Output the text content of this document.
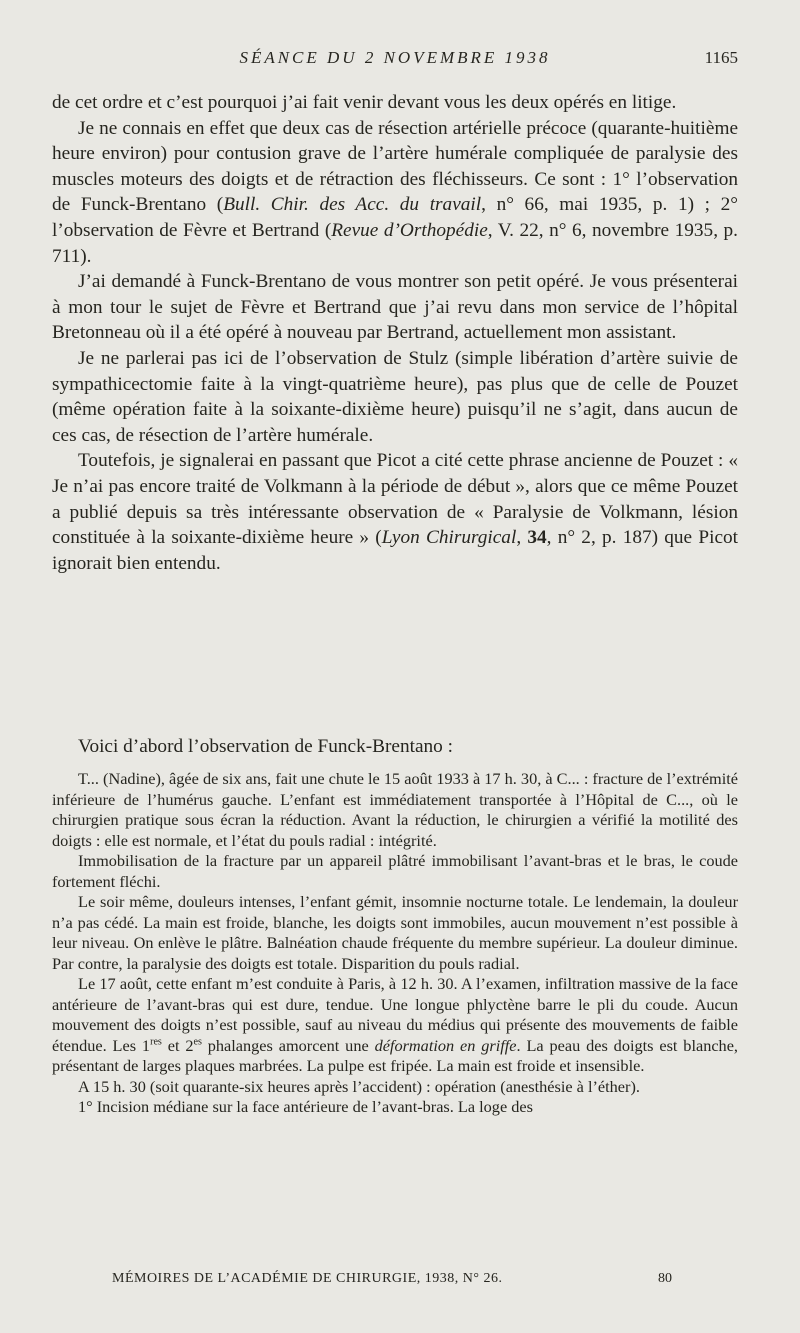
SÉANCE DU 2 NOVEMBRE 1938	1165

de cet ordre et c’est pourquoi j’ai fait venir devant vous les deux opérés en litige.

Je ne connais en effet que deux cas de résection artérielle précoce (quarante-huitième heure environ) pour contusion grave de l’artère humérale compliquée de paralysie des muscles moteurs des doigts et de rétraction des fléchisseurs. Ce sont : 1° l’observation de Funck-Brentano (Bull. Chir. des Acc. du travail, n° 66, mai 1935, p. 1) ; 2° l’observation de Fèvre et Bertrand (Revue d’Orthopédie, V. 22, n° 6, novembre 1935, p. 711).

J’ai demandé à Funck-Brentano de vous montrer son petit opéré. Je vous présenterai à mon tour le sujet de Fèvre et Bertrand que j’ai revu dans mon service de l’hôpital Bretonneau où il a été opéré à nouveau par Bertrand, actuellement mon assistant.

Je ne parlerai pas ici de l’observation de Stulz (simple libération d’artère suivie de sympathicectomie faite à la vingt-quatrième heure), pas plus que de celle de Pouzet (même opération faite à la soixante-dixième heure) puisqu’il ne s’agit, dans aucun de ces cas, de résection de l’artère humérale.

Toutefois, je signalerai en passant que Picot a cité cette phrase ancienne de Pouzet : « Je n’ai pas encore traité de Volkmann à la période de début », alors que ce même Pouzet a publié depuis sa très intéressante observation de « Paralysie de Volkmann, lésion constituée à la soixante-dixième heure » (Lyon Chirurgical, 34, n° 2, p. 187) que Picot ignorait bien entendu.

Voici d’abord l’observation de Funck-Brentano :

T... (Nadine), âgée de six ans, fait une chute le 15 août 1933 à 17 h. 30, à C... : fracture de l’extrémité inférieure de l’humérus gauche. L’enfant est immédiatement transportée à l’Hôpital de C..., où le chirurgien pratique sous écran la réduction. Avant la réduction, le chirurgien a vérifié la motilité des doigts : elle est normale, et l’état du pouls radial : intégrité.

Immobilisation de la fracture par un appareil plâtré immobilisant l’avant-bras et le bras, le coude fortement fléchi.

Le soir même, douleurs intenses, l’enfant gémit, insomnie nocturne totale. Le lendemain, la douleur n’a pas cédé. La main est froide, blanche, les doigts sont immobiles, aucun mouvement n’est possible à leur niveau. On enlève le plâtre. Balnéation chaude fréquente du membre supérieur. La douleur diminue. Par contre, la paralysie des doigts est totale. Disparition du pouls radial.

Le 17 août, cette enfant m’est conduite à Paris, à 12 h. 30. A l’examen, infiltration massive de la face antérieure de l’avant-bras qui est dure, tendue. Une longue phlyctène barre le pli du coude. Aucun mouvement des doigts n’est possible, sauf au niveau du médius qui présente des mouvements de faible étendue. Les 1res et $2^{es}$ phalanges amorcent une déformation en griffe. La peau des doigts est blanche, présentant de larges plaques marbrées. La pulpe est fripée. La main est froide et insensible.

A 15 h. 30 (soit quarante-six heures après l’accident) : opération (anesthésie à l’éther).

1° Incision médiane sur la face antérieure de l’avant-bras. La loge des

MÉMOIRES DE L’ACADÉMIE DE CHIRURGIE, 1938, N° 26.	80
